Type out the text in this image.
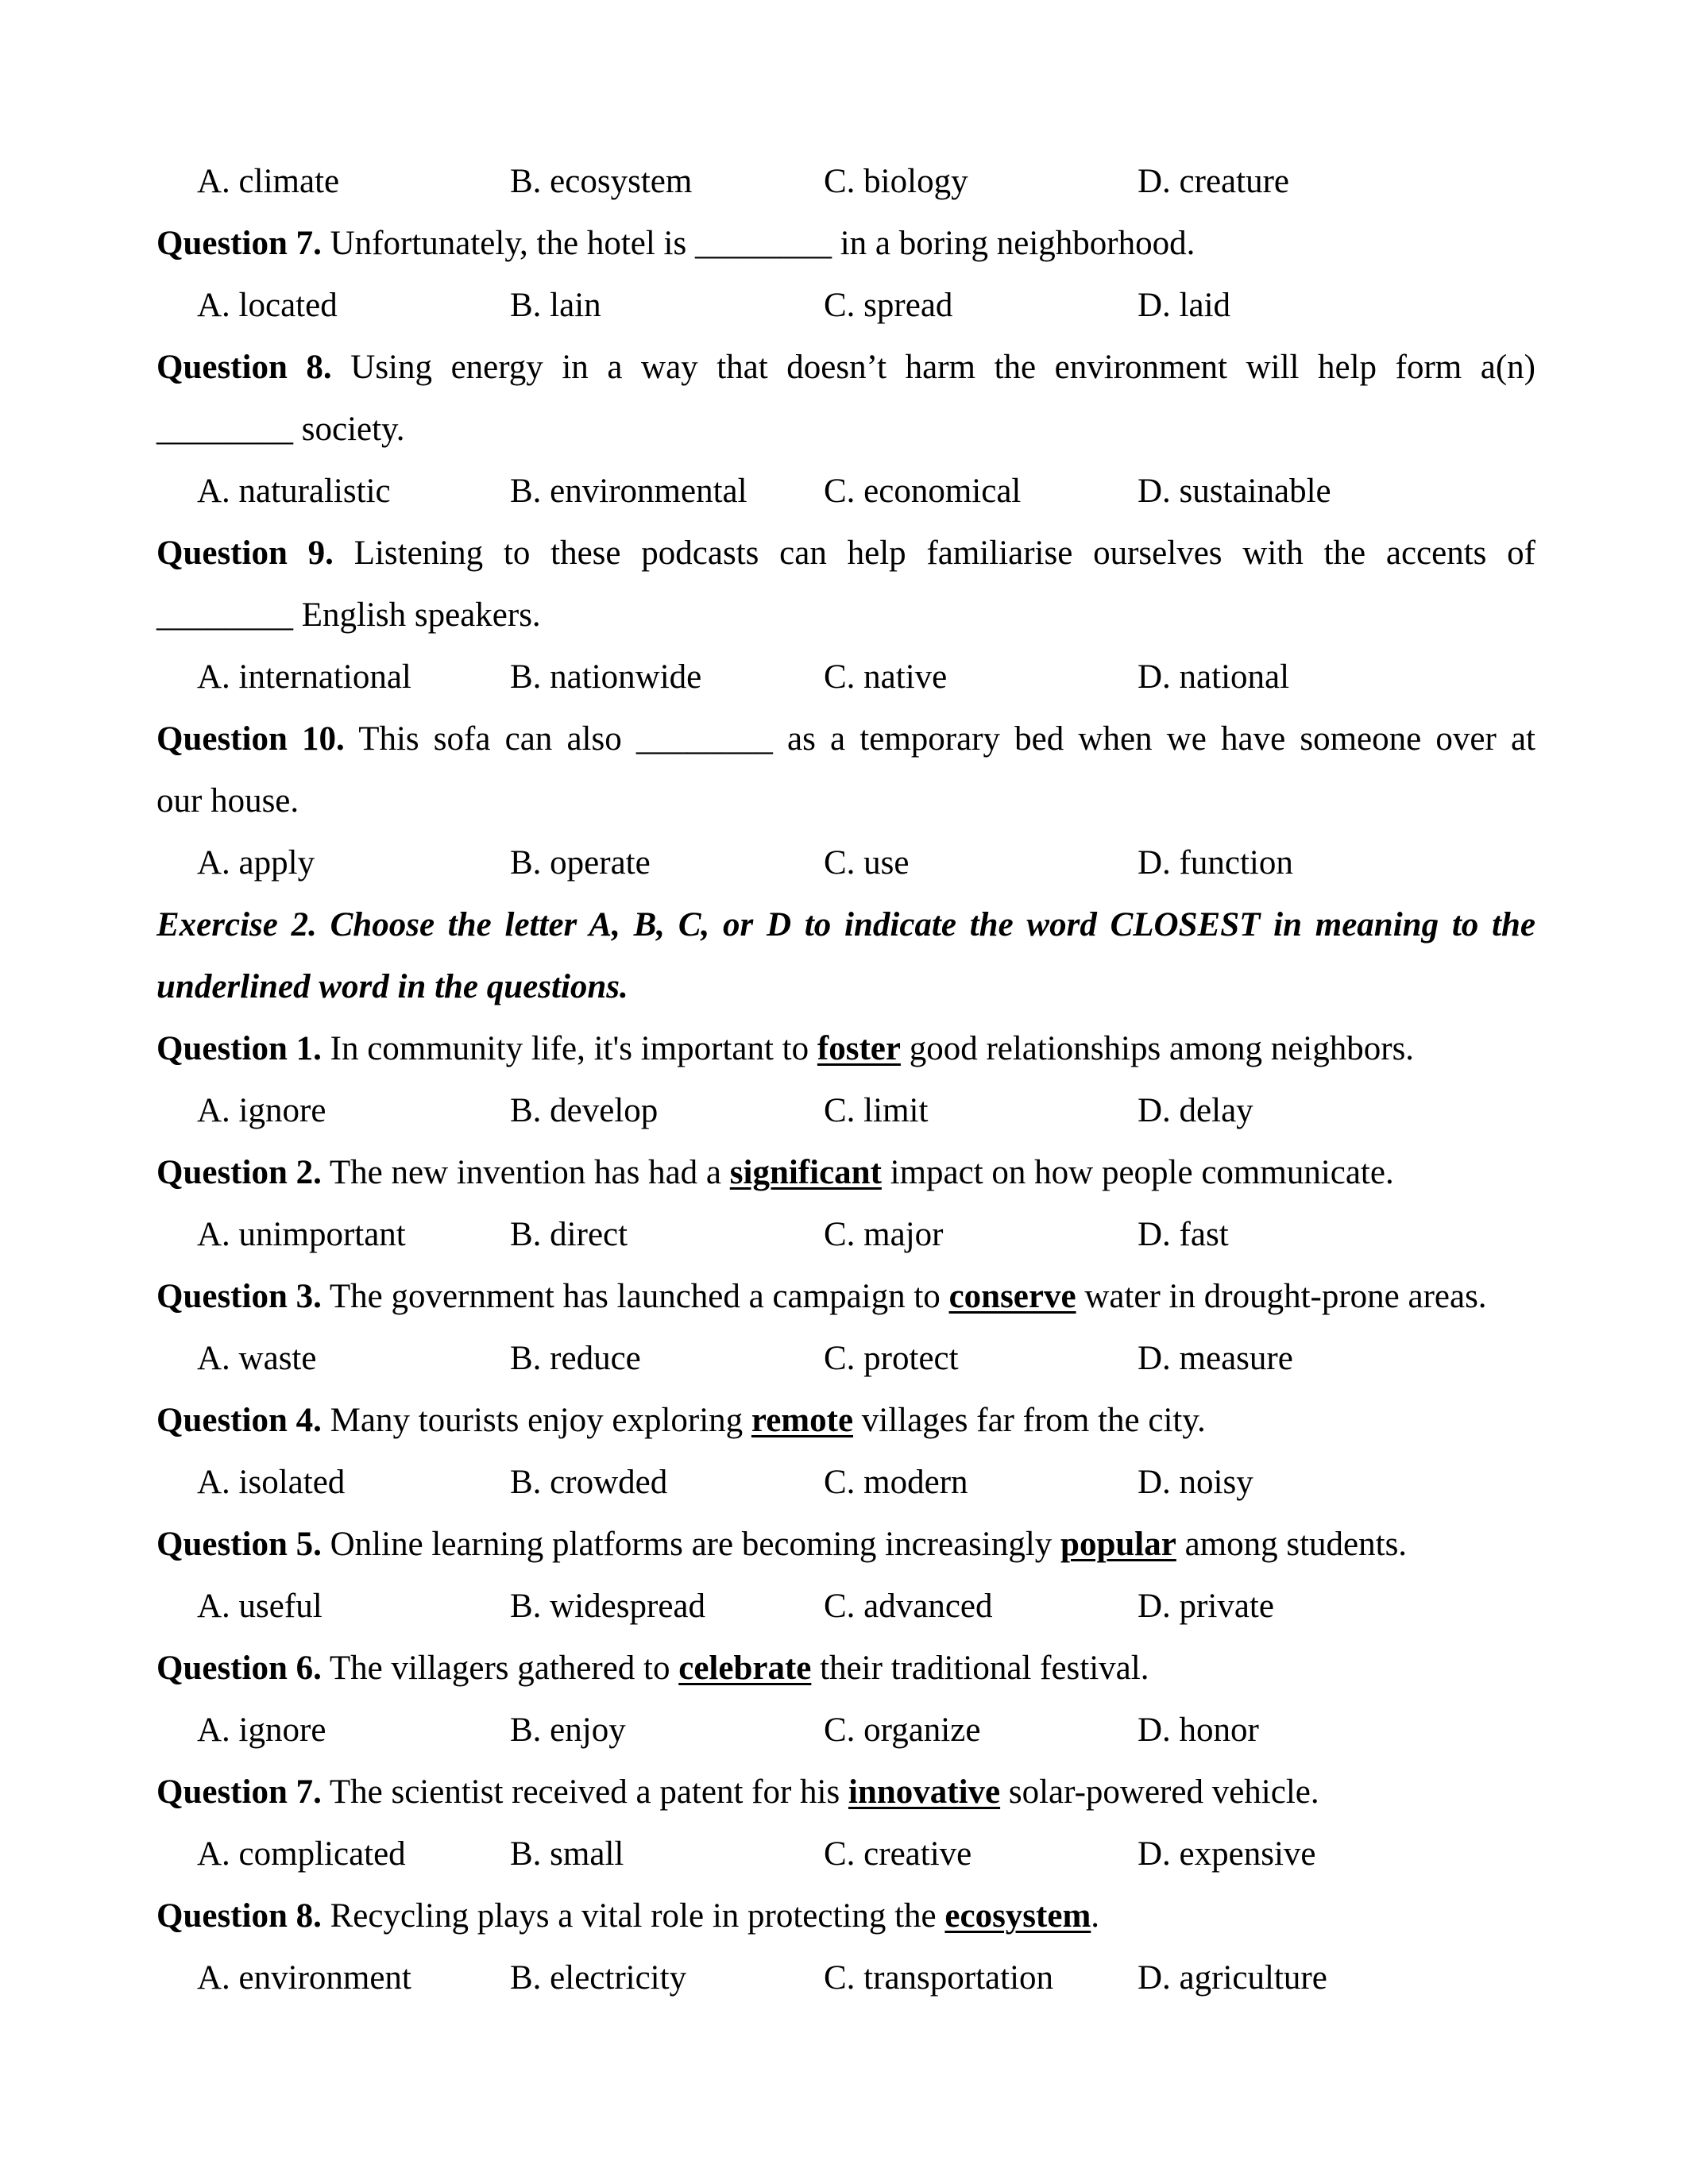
A. climate	B. ecosystem	C. biology	D. creature
Question 7. Unfortunately, the hotel is ________ in a boring neighborhood.
A. located	B. lain	C. spread	D. laid
Question 8. Using energy in a way that doesn’t harm the environment will help form a(n)
________ society.
A. naturalistic	B. environmental C. economical	D. sustainable
Question 9. Listening to these podcasts can help familiarise ourselves with the accents of
________ English speakers.
A. international	B. nationwide	C. native	D. national
Question 10. This sofa can also ________ as a temporary bed when we have someone over at
our house.
A. apply	B. operate	C. use	D. function
Exercise 2. Choose the letter A, B, C, or D to indicate the word CLOSEST in meaning to the
underlined word in the questions.
Question 1. In community life, it's important to foster good relationships among neighbors.
A. ignore	B. develop	C. limit	D. delay
Question 2. The new invention has had a significant impact on how people communicate.
A. unimportant	B. direct	C. major	D. fast
Question 3. The government has launched a campaign to conserve water in drought-prone areas.
A. waste	B. reduce	C. protect	D. measure
Question 4. Many tourists enjoy exploring remote villages far from the city.
A. isolated	B. crowded	C. modern	D. noisy
Question 5. Online learning platforms are becoming increasingly popular among students.
A. useful	B. widespread	C. advanced	D. private
Question 6. The villagers gathered to celebrate their traditional festival.
A. ignore	B. enjoy	C. organize	D. honor
Question 7. The scientist received a patent for his innovative solar-powered vehicle.
A. complicated	B. small	C. creative	D. expensive
Question 8. Recycling plays a vital role in protecting the ecosystem.
A. environment	B. electricity	C. transportation D. agriculture
